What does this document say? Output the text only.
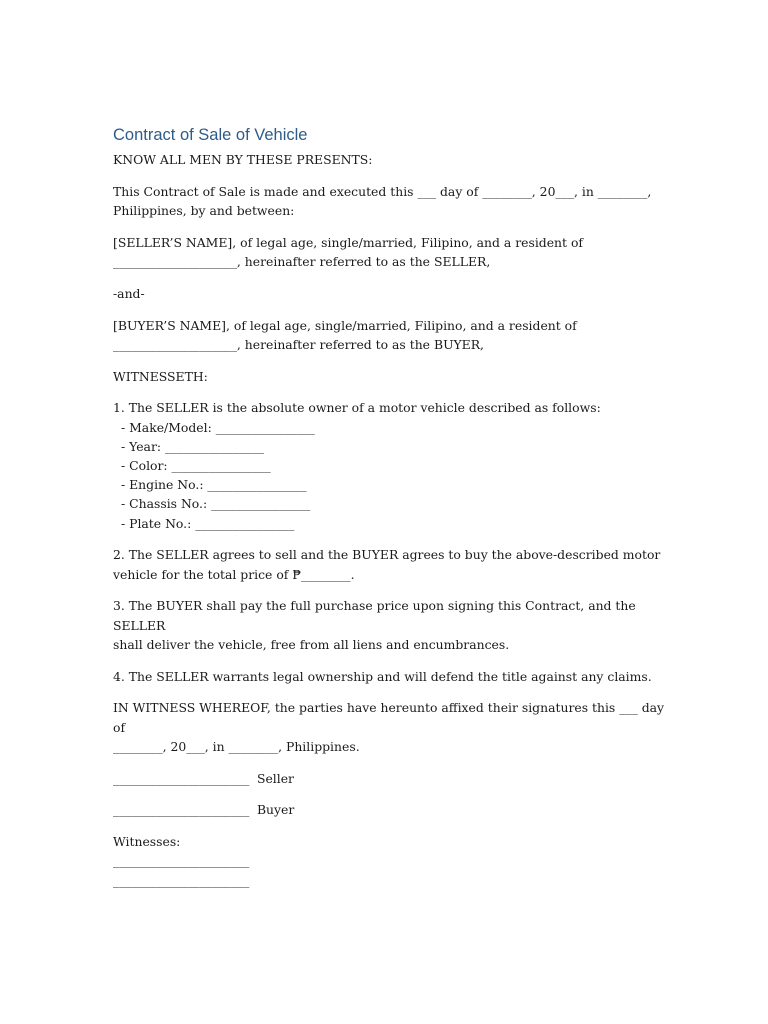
Contract of Sale of Vehicle

KNOW ALL MEN BY THESE PRESENTS:

This Contract of Sale is made and executed this ___ day of ________, 20___, in ________,
Philippines, by and between:

[SELLER’S NAME], of legal age, single/married, Filipino, and a resident of
____________________, hereinafter referred to as the SELLER,

-and-

[BUYER’S NAME], of legal age, single/married, Filipino, and a resident of
____________________, hereinafter referred to as the BUYER,

WITNESSETH:

1. The SELLER is the absolute owner of a motor vehicle described as follows:
- Make/Model: ________________
- Year: ________________
- Color: ________________
- Engine No.: ________________
- Chassis No.: ________________
- Plate No.: ________________

2. The SELLER agrees to sell and the BUYER agrees to buy the above-described motor
vehicle for the total price of ₱________.

3. The BUYER shall pay the full purchase price upon signing this Contract, and the SELLER
shall deliver the vehicle, free from all liens and encumbrances.

4. The SELLER warrants legal ownership and will defend the title against any claims.

IN WITNESS WHEREOF, the parties have hereunto affixed their signatures this ___ day of
________, 20___, in ________, Philippines.

______________________ Seller
______________________ Buyer
Witnesses:
______________________
______________________
